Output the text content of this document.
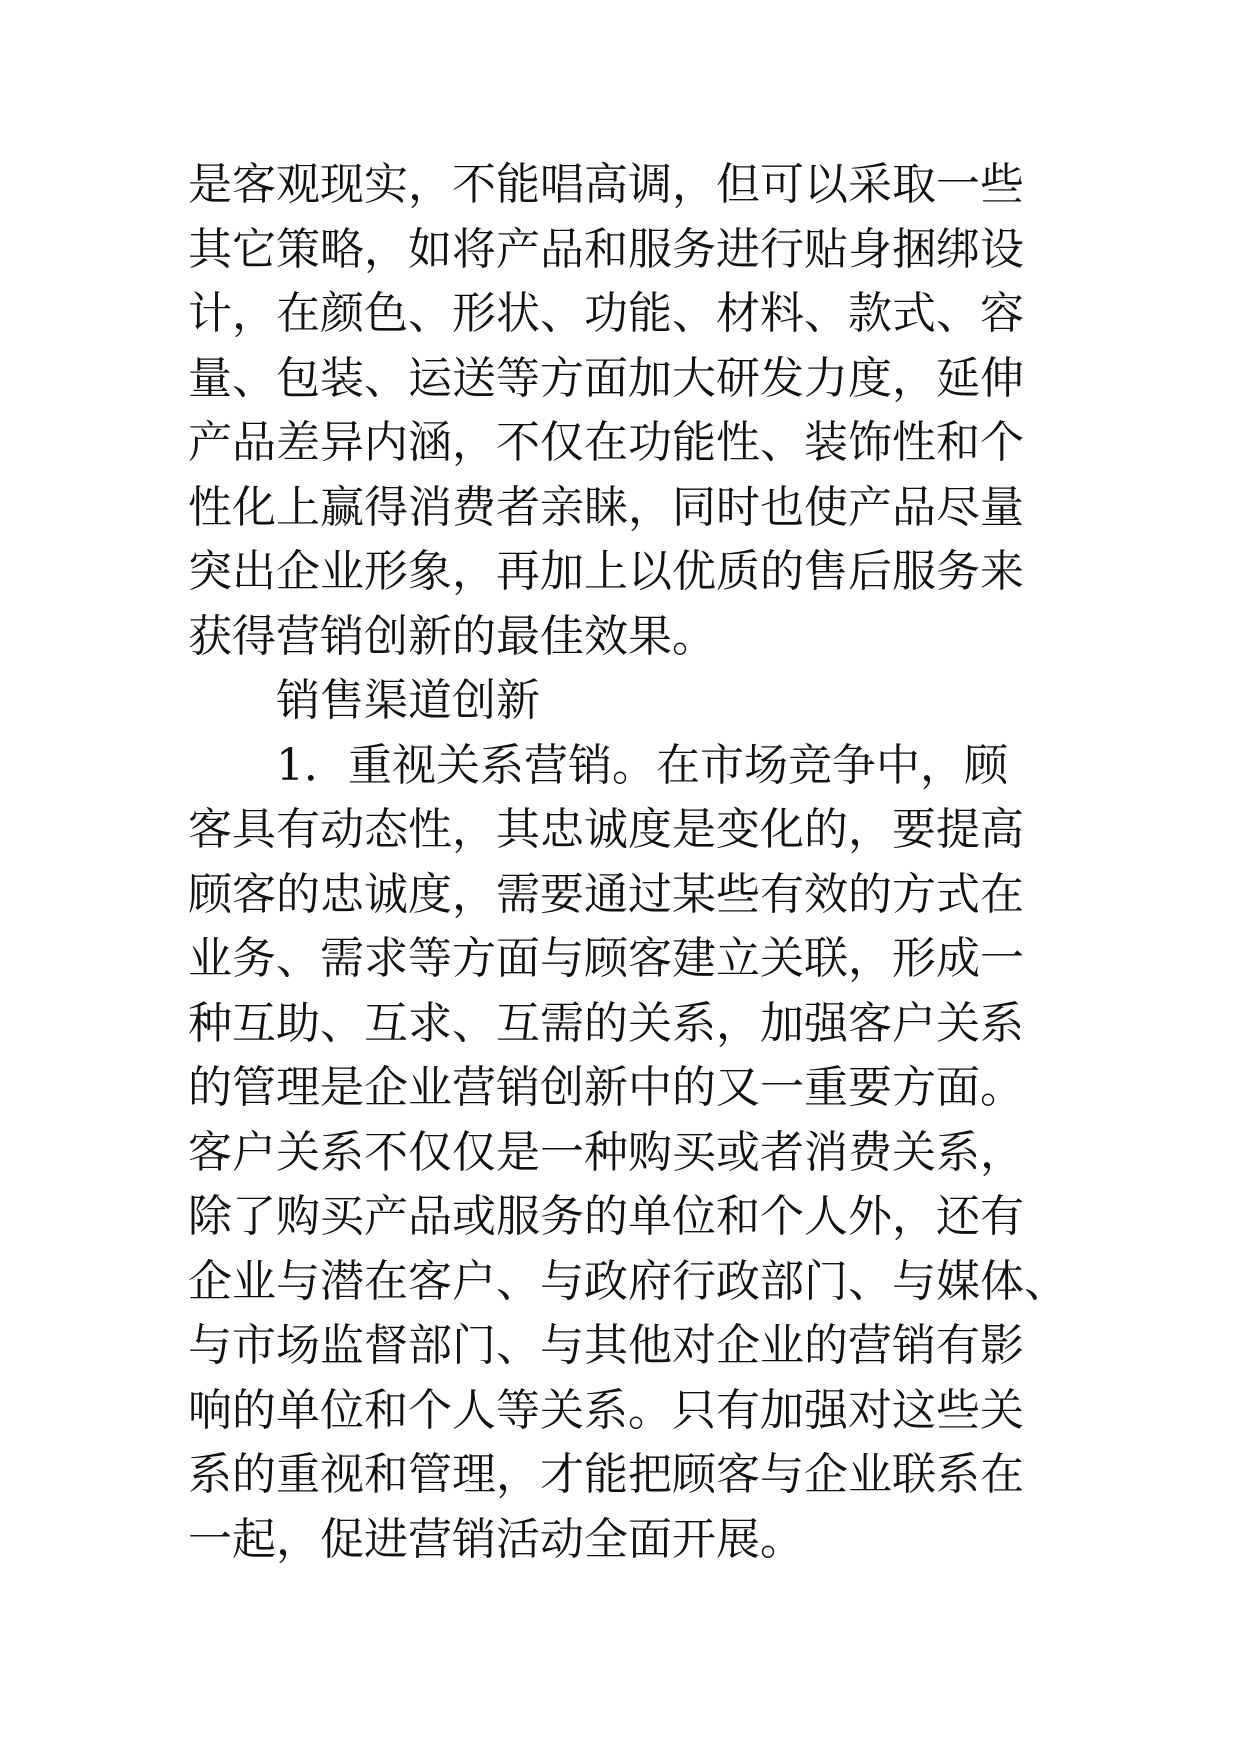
是客观现实，不能唱高调，但可以采取一些
其它策略，如将产品和服务进行贴身捆绑设
计，在颜色、形状、功能、材料、款式、容
量、包装、运送等方面加大研发力度，延伸
产品差异内涵，不仅在功能性、装饰性和个
性化上赢得消费者亲睐，同时也使产品尽量
突出企业形象，再加上以优质的售后服务来
获得营销创新的最佳效果。
销售渠道创新
1．重视关系营销。在市场竞争中，顾
客具有动态性，其忠诚度是变化的，要提高
顾客的忠诚度，需要通过某些有效的方式在
业务、需求等方面与顾客建立关联，形成一
种互助、互求、互需的关系，加强客户关系
的管理是企业营销创新中的又一重要方面。
客户关系不仅仅是一种购买或者消费关系，
除了购买产品或服务的单位和个人外，还有
企业与潜在客户、与政府行政部门、与媒体、
与市场监督部门、与其他对企业的营销有影
响的单位和个人等关系。只有加强对这些关
系的重视和管理，才能把顾客与企业联系在
一起，促进营销活动全面开展。
